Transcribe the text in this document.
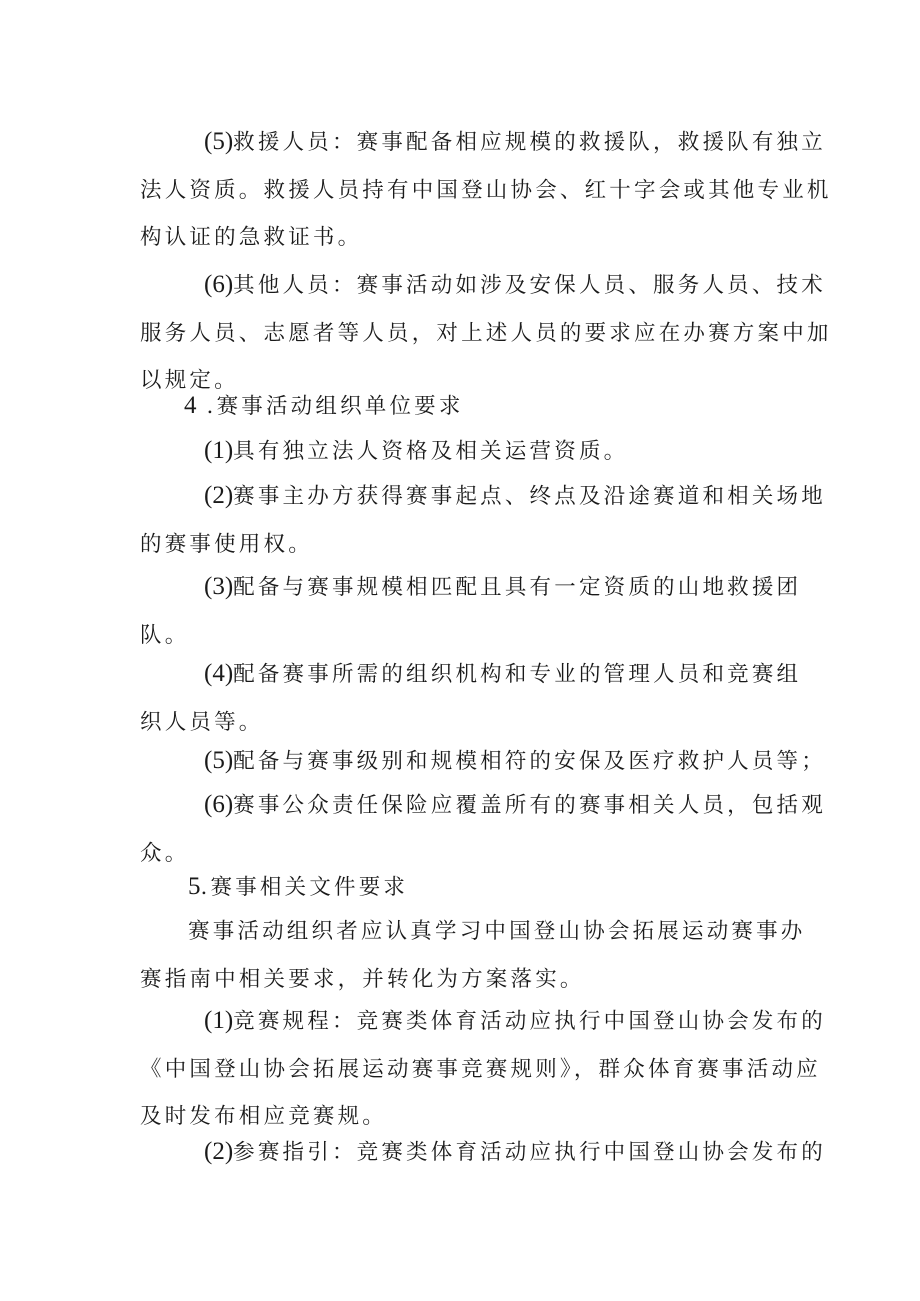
(5)救援人员：赛事配备相应规模的救援队，救援队有独立
法人资质。救援人员持有中国登山协会、红十字会或其他专业机
构认证的急救证书。

(6)其他人员：赛事活动如涉及安保人员、服务人员、技术
服务人员、志愿者等人员，对上述人员的要求应在办赛方案中加
以规定。

4 .赛事活动组织单位要求

(1)具有独立法人资格及相关运营资质。

(2)赛事主办方获得赛事起点、终点及沿途赛道和相关场地
的赛事使用权。

(3)配备与赛事规模相匹配且具有一定资质的山地救援团
队。

(4)配备赛事所需的组织机构和专业的管理人员和竞赛组
织人员等。

(5)配备与赛事级别和规模相符的安保及医疗救护人员等；

(6)赛事公众责任保险应覆盖所有的赛事相关人员，包括观
众。

5.赛事相关文件要求

赛事活动组织者应认真学习中国登山协会拓展运动赛事办
赛指南中相关要求，并转化为方案落实。

(1)竞赛规程：竞赛类体育活动应执行中国登山协会发布的
《中国登山协会拓展运动赛事竞赛规则》，群众体育赛事活动应
及时发布相应竞赛规。

(2)参赛指引：竞赛类体育活动应执行中国登山协会发布的
